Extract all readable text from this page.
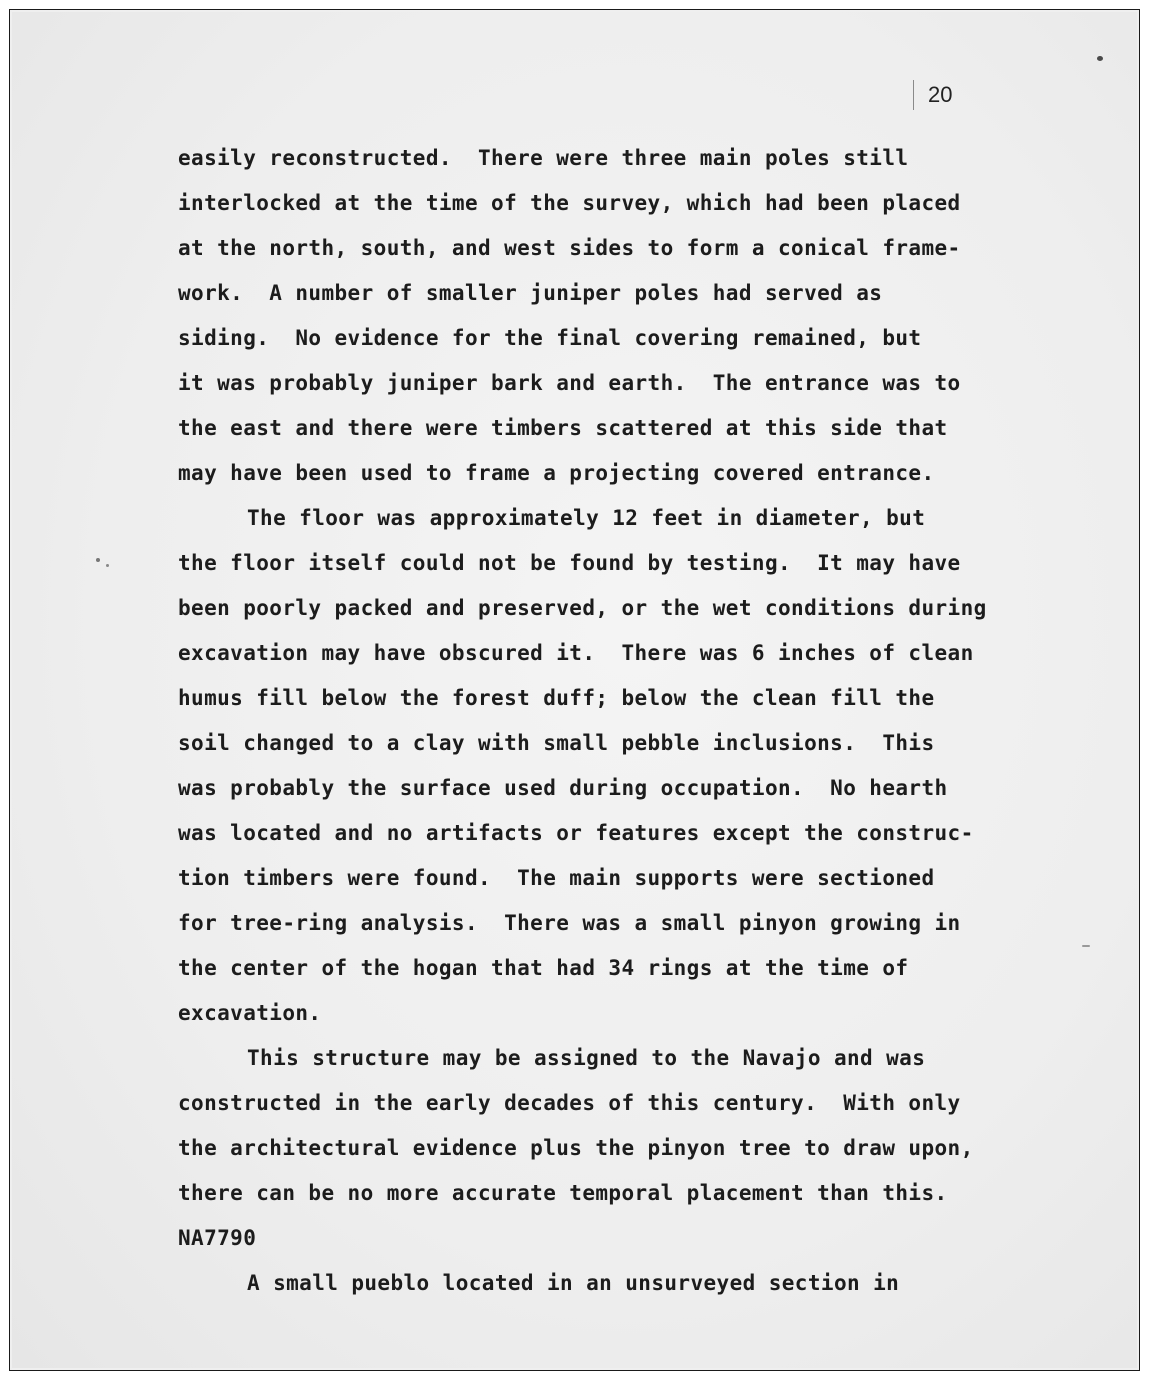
20
easily reconstructed.  There were three main poles still
interlocked at the time of the survey, which had been placed
at the north, south, and west sides to form a conical frame-
work.  A number of smaller juniper poles had served as
siding.  No evidence for the final covering remained, but
it was probably juniper bark and earth.  The entrance was to
the east and there were timbers scattered at this side that
may have been used to frame a projecting covered entrance.
The floor was approximately 12 feet in diameter, but
the floor itself could not be found by testing.  It may have
been poorly packed and preserved, or the wet conditions during
excavation may have obscured it.  There was 6 inches of clean
humus fill below the forest duff; below the clean fill the
soil changed to a clay with small pebble inclusions.  This
was probably the surface used during occupation.  No hearth
was located and no artifacts or features except the construc-
tion timbers were found.  The main supports were sectioned
for tree-ring analysis.  There was a small pinyon growing in
the center of the hogan that had 34 rings at the time of
excavation.
This structure may be assigned to the Navajo and was
constructed in the early decades of this century.  With only
the architectural evidence plus the pinyon tree to draw upon,
there can be no more accurate temporal placement than this.
NA7790
A small pueblo located in an unsurveyed section in
